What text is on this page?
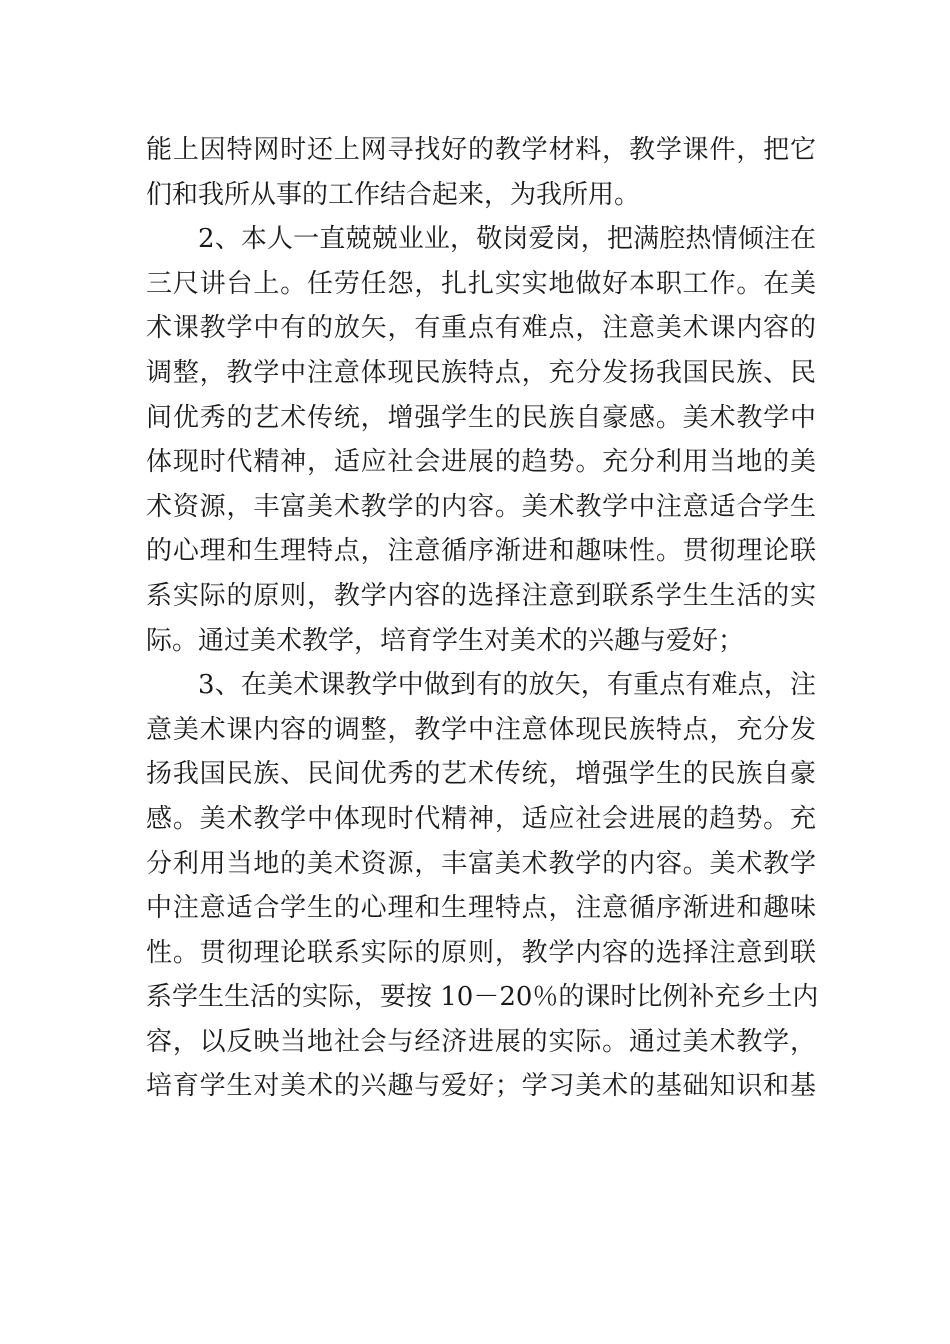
能上因特网时还上网寻找好的教学材料，教学课件，把它
们和我所从事的工作结合起来，为我所用。
2、本人一直兢兢业业，敬岗爱岗，把满腔热情倾注在
三尺讲台上。任劳任怨，扎扎实实地做好本职工作。在美
术课教学中有的放矢，有重点有难点，注意美术课内容的
调整，教学中注意体现民族特点，充分发扬我国民族、民
间优秀的艺术传统，增强学生的民族自豪感。美术教学中
体现时代精神，适应社会进展的趋势。充分利用当地的美
术资源，丰富美术教学的内容。美术教学中注意适合学生
的心理和生理特点，注意循序渐进和趣味性。贯彻理论联
系实际的原则，教学内容的选择注意到联系学生生活的实
际。通过美术教学，培育学生对美术的兴趣与爱好；
3、在美术课教学中做到有的放矢，有重点有难点，注
意美术课内容的调整，教学中注意体现民族特点，充分发
扬我国民族、民间优秀的艺术传统，增强学生的民族自豪
感。美术教学中体现时代精神，适应社会进展的趋势。充
分利用当地的美术资源，丰富美术教学的内容。美术教学
中注意适合学生的心理和生理特点，注意循序渐进和趣味
性。贯彻理论联系实际的原则，教学内容的选择注意到联
系学生生活的实际，要按 10－20％的课时比例补充乡土内
容，以反映当地社会与经济进展的实际。通过美术教学，
培育学生对美术的兴趣与爱好；学习美术的基础知识和基
